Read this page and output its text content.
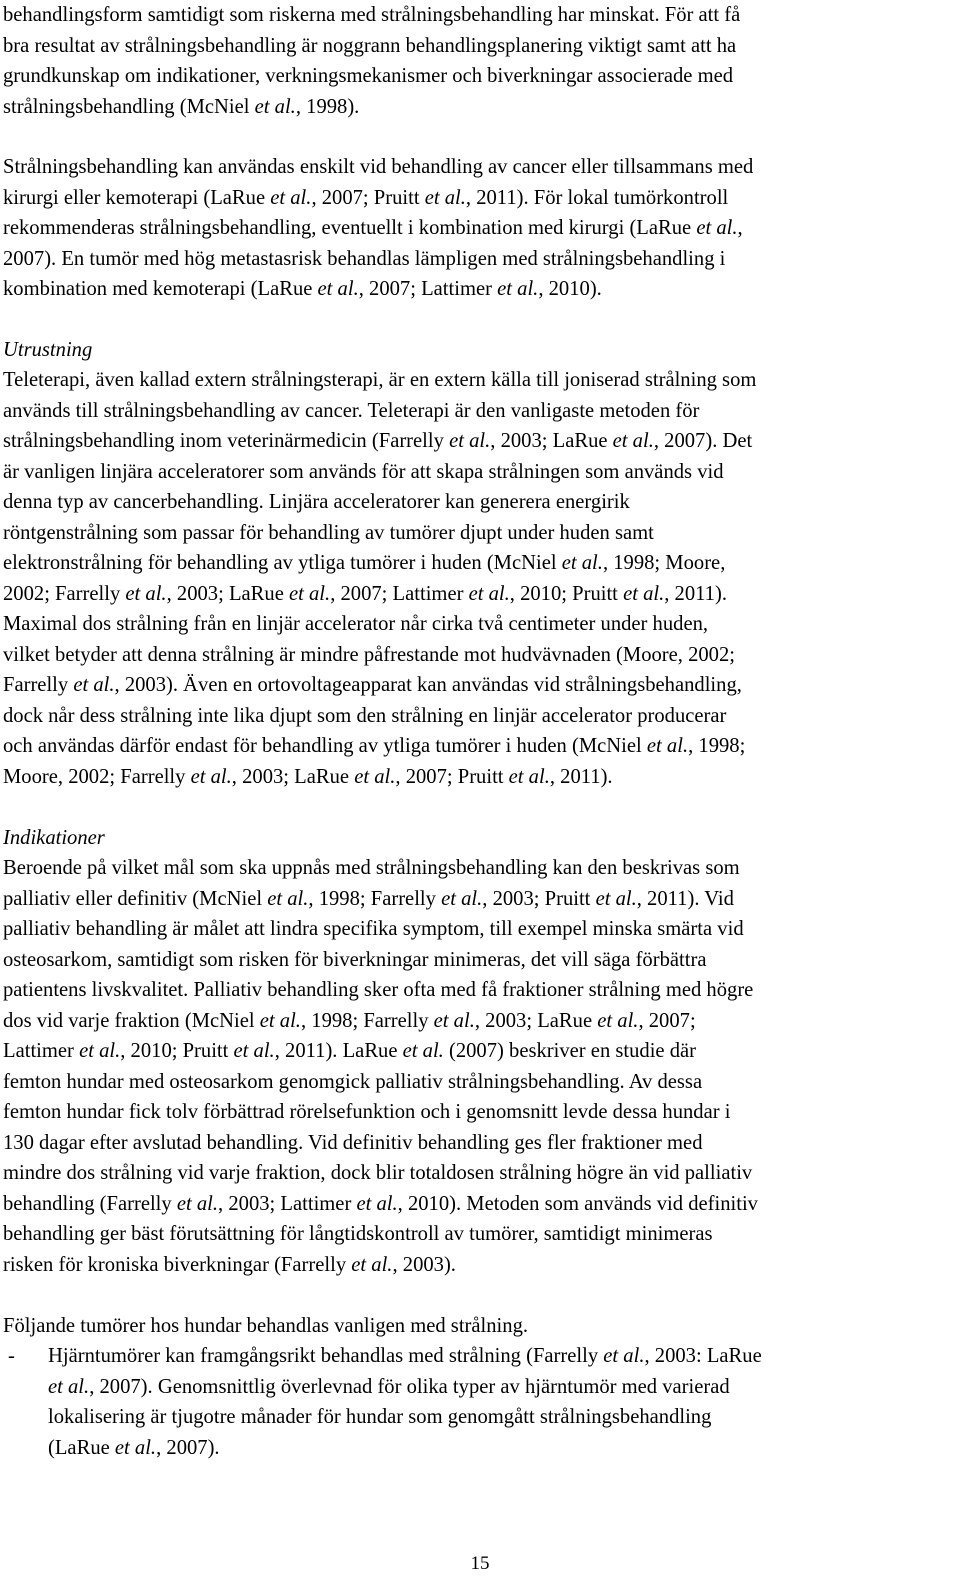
behandlingsform samtidigt som riskerna med strålningsbehandling har minskat. För att få
bra resultat av strålningsbehandling är noggrann behandlingsplanering viktigt samt att ha
grundkunskap om indikationer, verkningsmekanismer och biverkningar associerade med
strålningsbehandling (McNiel et al., 1998).

Strålningsbehandling kan användas enskilt vid behandling av cancer eller tillsammans med
kirurgi eller kemoterapi (LaRue et al., 2007; Pruitt et al., 2011). För lokal tumörkontroll
rekommenderas strålningsbehandling, eventuellt i kombination med kirurgi (LaRue et al.,
2007). En tumör med hög metastasrisk behandlas lämpligen med strålningsbehandling i
kombination med kemoterapi (LaRue et al., 2007; Lattimer et al., 2010).

Utrustning

Teleterapi, även kallad extern strålningsterapi, är en extern källa till joniserad strålning som
används till strålningsbehandling av cancer. Teleterapi är den vanligaste metoden för
strålningsbehandling inom veterinärmedicin (Farrelly et al., 2003; LaRue et al., 2007). Det
är vanligen linjära acceleratorer som används för att skapa strålningen som används vid
denna typ av cancerbehandling. Linjära acceleratorer kan generera energirik
röntgenstrålning som passar för behandling av tumörer djupt under huden samt
elektronstrålning för behandling av ytliga tumörer i huden (McNiel et al., 1998; Moore,
2002; Farrelly et al., 2003; LaRue et al., 2007; Lattimer et al., 2010; Pruitt et al., 2011).
Maximal dos strålning från en linjär accelerator når cirka två centimeter under huden,
vilket betyder att denna strålning är mindre påfrestande mot hudvävnaden (Moore, 2002;
Farrelly et al., 2003). Även en ortovoltageapparat kan användas vid strålningsbehandling,
dock når dess strålning inte lika djupt som den strålning en linjär accelerator producerar
och användas därför endast för behandling av ytliga tumörer i huden (McNiel et al., 1998;
Moore, 2002; Farrelly et al., 2003; LaRue et al., 2007; Pruitt et al., 2011).

Indikationer

Beroende på vilket mål som ska uppnås med strålningsbehandling kan den beskrivas som
palliativ eller definitiv (McNiel et al., 1998; Farrelly et al., 2003; Pruitt et al., 2011). Vid
palliativ behandling är målet att lindra specifika symptom, till exempel minska smärta vid
osteosarkom, samtidigt som risken för biverkningar minimeras, det vill säga förbättra
patientens livskvalitet. Palliativ behandling sker ofta med få fraktioner strålning med högre
dos vid varje fraktion (McNiel et al., 1998; Farrelly et al., 2003; LaRue et al., 2007;
Lattimer et al., 2010; Pruitt et al., 2011). LaRue et al. (2007) beskriver en studie där
femton hundar med osteosarkom genomgick palliativ strålningsbehandling. Av dessa
femton hundar fick tolv förbättrad rörelsefunktion och i genomsnitt levde dessa hundar i
130 dagar efter avslutad behandling. Vid definitiv behandling ges fler fraktioner med
mindre dos strålning vid varje fraktion, dock blir totaldosen strålning högre än vid palliativ
behandling (Farrelly et al., 2003; Lattimer et al., 2010). Metoden som används vid definitiv
behandling ger bäst förutsättning för långtidskontroll av tumörer, samtidigt minimeras
risken för kroniska biverkningar (Farrelly et al., 2003).

Följande tumörer hos hundar behandlas vanligen med strålning.

- Hjärntumörer kan framgångsrikt behandlas med strålning (Farrelly et al., 2003: LaRue
et al., 2007). Genomsnittlig överlevnad för olika typer av hjärntumör med varierad
lokalisering är tjugotre månader för hundar som genomgått strålningsbehandling
(LaRue et al., 2007).
15
